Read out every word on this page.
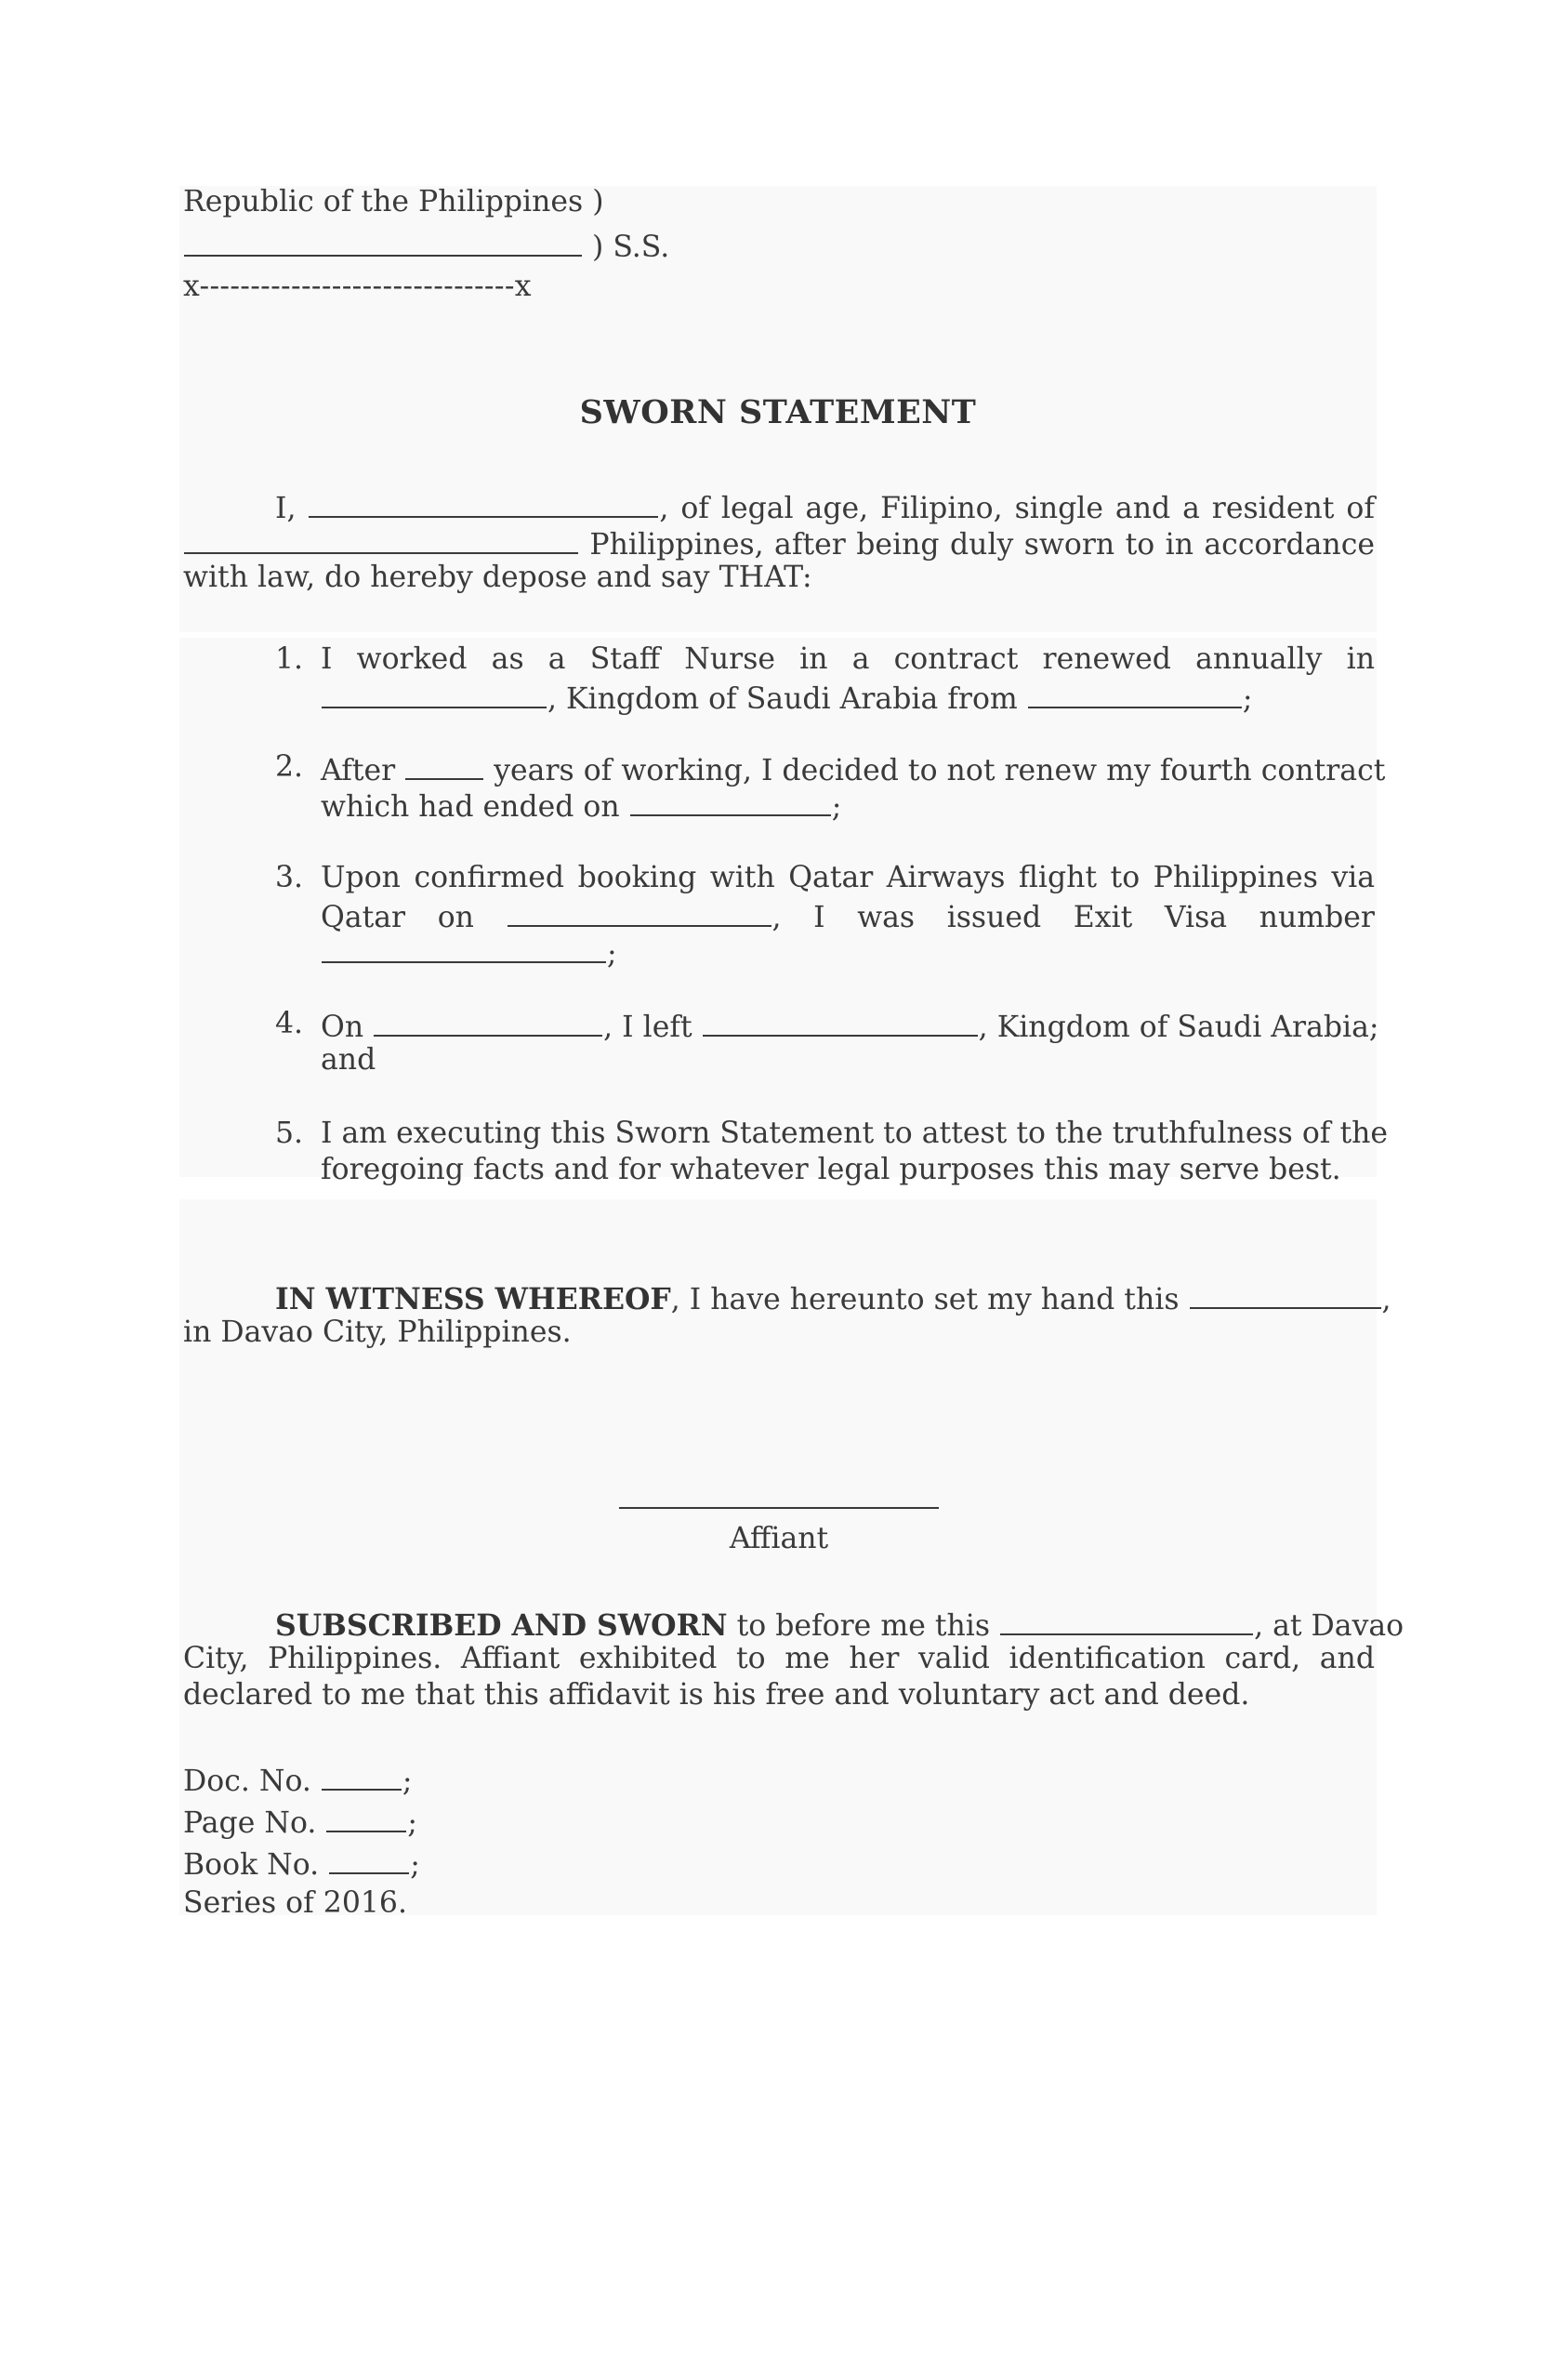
Republic of the Philippines )
) S.S.
x-------------------------------x
SWORN STATEMENT
I,	, of legal age, Filipino, single and a resident of
Philippines, after being duly sworn to in accordance
with law, do hereby depose and say THAT:
1. I worked as a Staff Nurse in a contract renewed annually in
, Kingdom of Saudi Arabia from	;
2. After	years of working, I decided to not renew my fourth contract
which had ended on	;
3. Upon confirmed booking with Qatar Airways flight to Philippines via
Qatar on	, I was issued Exit Visa number
;
4. On	, I left	, Kingdom of Saudi Arabia;
and
5. I am executing this Sworn Statement to attest to the truthfulness of the
foregoing facts and for whatever legal purposes this may serve best.
IN WITNESS WHEREOF, I have hereunto set my hand this	,
in Davao City, Philippines.
Affiant
SUBSCRIBED AND SWORN to before me this	, at Davao
City, Philippines. Affiant exhibited to me her valid identification card, and
declared to me that this affidavit is his free and voluntary act and deed.
Doc. No.	;
Page No.	;
Book No.	;
Series of 2016.
